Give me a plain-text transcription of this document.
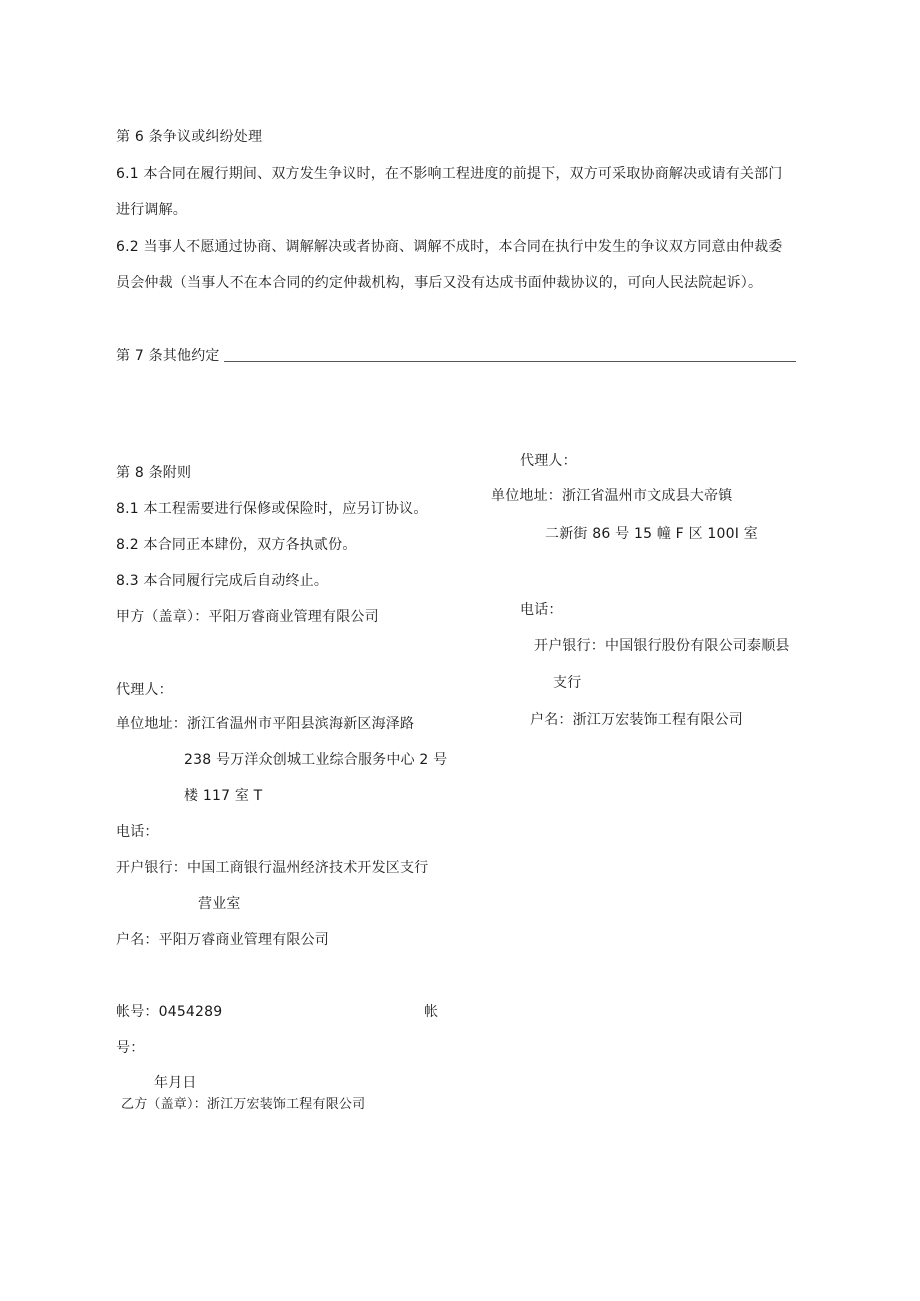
第 6 条争议或纠纷处理
6.1 本合同在履行期间、双方发生争议时，在不影响工程进度的前提下，双方可采取协商解决或请有关部门
进行调解。
6.2 当事人不愿通过协商、调解解决或者协商、调解不成时，本合同在执行中发生的争议双方同意由仲裁委
员会仲裁（当事人不在本合同的约定仲裁机构，事后又没有达成书面仲裁协议的，可向人民法院起诉）。
第 7 条其他约定
第 8 条附则
8.1 本工程需要进行保修或保险时，应另订协议。
8.2 本合同正本肆份，双方各执贰份。
8.3 本合同履行完成后自动终止。
甲方（盖章）：平阳万睿商业管理有限公司
代理人：
单位地址：浙江省温州市平阳县滨海新区海泽路
238 号万洋众创城工业综合服务中心 2 号
楼 117 室 T
电话：
开户银行：中国工商银行温州经济技术开发区支行
营业室
户名：平阳万睿商业管理有限公司
帐号：0454289	帐
号：
年月日
乙方（盖章）：浙江万宏装饰工程有限公司
代理人：
单位地址：浙江省温州市文成县大帝镇
二新街 86 号 15 幢 F 区 100I 室
电话：
开户银行：中国银行股份有限公司泰顺县
支行
户名：浙江万宏装饰工程有限公司
